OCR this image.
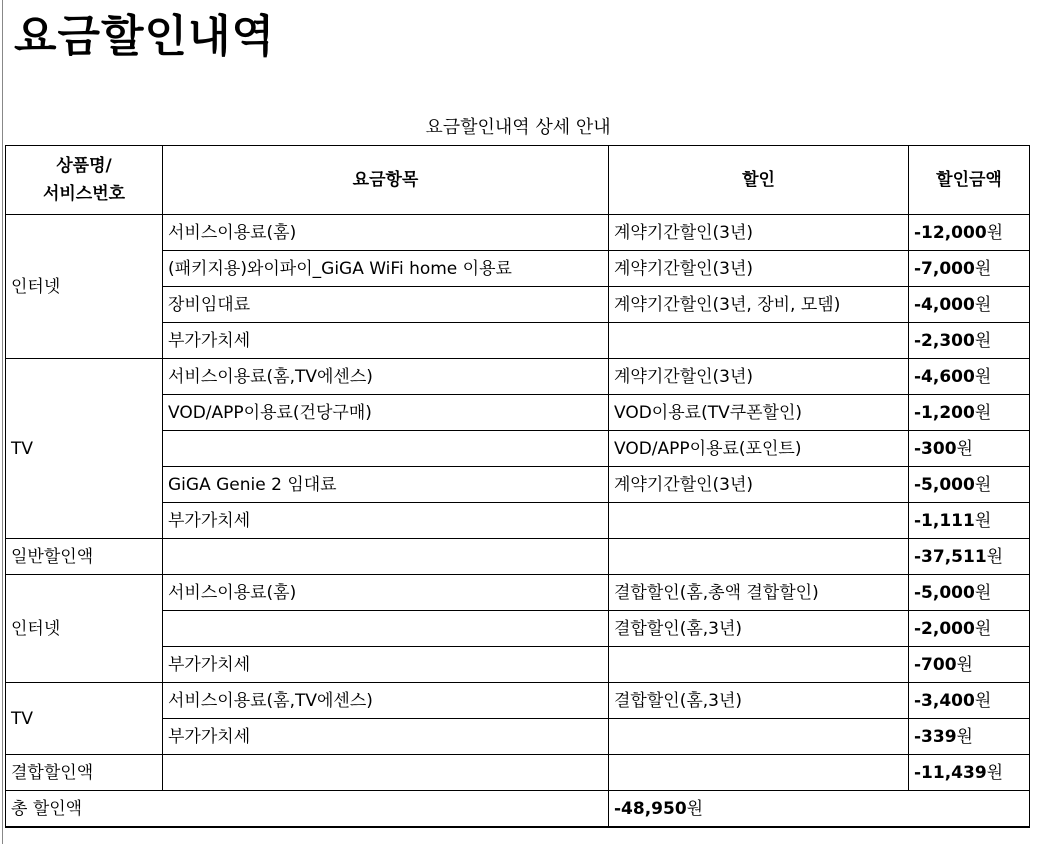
요금할인내역
요금할인내역 상세 안내
상품명/
서비스번호	요금항목	할인	할인금액
인터넷	서비스이용료(홈)	계약기간할인(3년)	-12,000원
	(패키지용)와이파이_GiGA WiFi home 이용료	계약기간할인(3년)	-7,000원
	장비임대료	계약기간할인(3년, 장비, 모뎀)	-4,000원
	부가가치세		-2,300원
TV	서비스이용료(홈,TV에센스)	계약기간할인(3년)	-4,600원
	VOD/APP이용료(건당구매)	VOD이용료(TV쿠폰할인)	-1,200원
		VOD/APP이용료(포인트)	-300원
	GiGA Genie 2 임대료	계약기간할인(3년)	-5,000원
	부가가치세		-1,111원
일반할인액			-37,511원
인터넷	서비스이용료(홈)	결합할인(홈,총액 결합할인)	-5,000원
		결합할인(홈,3년)	-2,000원
	부가가치세		-700원
TV	서비스이용료(홈,TV에센스)	결합할인(홈,3년)	-3,400원
	부가가치세		-339원
결합할인액			-11,439원
총 할인액		-48,950원	
